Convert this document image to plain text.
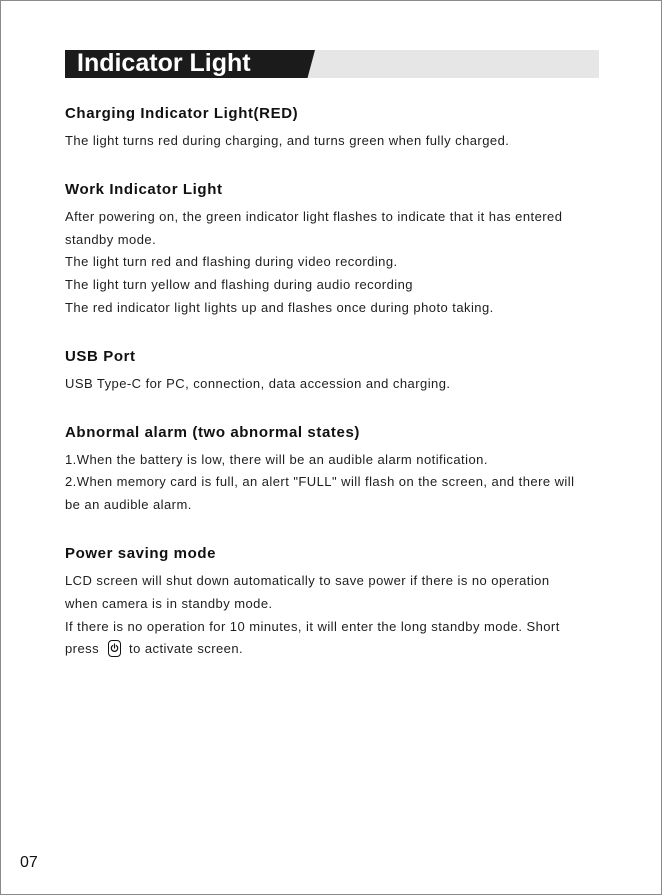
Indicator Light
Charging Indicator Light(RED)

The light turns red during charging, and turns green when fully charged.

Work Indicator Light

After powering on, the green indicator light flashes to indicate that it has entered

standby mode.

The light turn red and flashing during video recording.

The light turn yellow and flashing during audio recording

The red indicator light lights up and flashes once during photo taking.

USB Port

USB Type-C for PC, connection, data accession and charging.

Abnormal alarm (two abnormal states)

1.When the battery is low, there will be an audible alarm notification.

2.When memory card is full, an alert "FULL" will flash on the screen, and there will

be an audible alarm.

Power saving mode

LCD screen will shut down automatically to save power if there is no operation

when camera is in standby mode.

If there is no operation for 10 minutes, it will enter the long standby mode. Short

press to activate screen.

07
